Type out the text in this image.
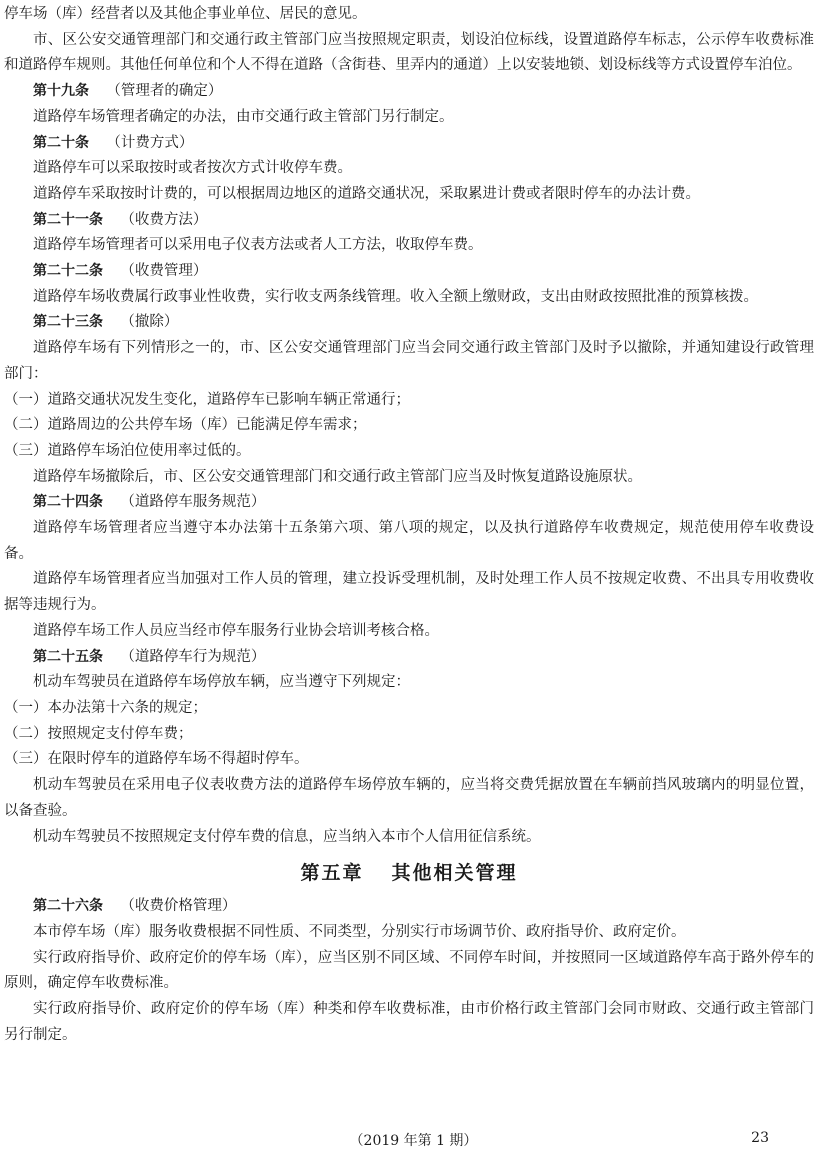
停车场（库）经营者以及其他企事业单位、居民的意见。

市、区公安交通管理部门和交通行政主管部门应当按照规定职责，划设泊位标线，设置道路停车标志，公示停车收费标准和道路停车规则。其他任何单位和个人不得在道路（含街巷、里弄内的通道）上以安装地锁、划设标线等方式设置停车泊位。

第十九条 （管理者的确定）

道路停车场管理者确定的办法，由市交通行政主管部门另行制定。

第二十条 （计费方式）

道路停车可以采取按时或者按次方式计收停车费。

道路停车采取按时计费的，可以根据周边地区的道路交通状况，采取累进计费或者限时停车的办法计费。

第二十一条 （收费方法）

道路停车场管理者可以采用电子仪表方法或者人工方法，收取停车费。

第二十二条 （收费管理）

道路停车场收费属行政事业性收费，实行收支两条线管理。收入全额上缴财政，支出由财政按照批准的预算核拨。

第二十三条 （撤除）

道路停车场有下列情形之一的，市、区公安交通管理部门应当会同交通行政主管部门及时予以撤除，并通知建设行政管理部门：

（一）道路交通状况发生变化，道路停车已影响车辆正常通行；

（二）道路周边的公共停车场（库）已能满足停车需求；

（三）道路停车场泊位使用率过低的。

道路停车场撤除后，市、区公安交通管理部门和交通行政主管部门应当及时恢复道路设施原状。

第二十四条 （道路停车服务规范）

道路停车场管理者应当遵守本办法第十五条第六项、第八项的规定，以及执行道路停车收费规定，规范使用停车收费设备。

道路停车场管理者应当加强对工作人员的管理，建立投诉受理机制，及时处理工作人员不按规定收费、不出具专用收费收据等违规行为。

道路停车场工作人员应当经市停车服务行业协会培训考核合格。

第二十五条 （道路停车行为规范）

机动车驾驶员在道路停车场停放车辆，应当遵守下列规定：

（一）本办法第十六条的规定；

（二）按照规定支付停车费；

（三）在限时停车的道路停车场不得超时停车。

机动车驾驶员在采用电子仪表收费方法的道路停车场停放车辆的，应当将交费凭据放置在车辆前挡风玻璃内的明显位置，以备查验。

机动车驾驶员不按照规定支付停车费的信息，应当纳入本市个人信用征信系统。

第五章 其他相关管理

第二十六条 （收费价格管理）

本市停车场（库）服务收费根据不同性质、不同类型，分别实行市场调节价、政府指导价、政府定价。

实行政府指导价、政府定价的停车场（库），应当区别不同区域、不同停车时间，并按照同一区域道路停车高于路外停车的原则，确定停车收费标准。

实行政府指导价、政府定价的停车场（库）种类和停车收费标准，由市价格行政主管部门会同市财政、交通行政主管部门另行制定。

（2019 年第 1 期）	23
